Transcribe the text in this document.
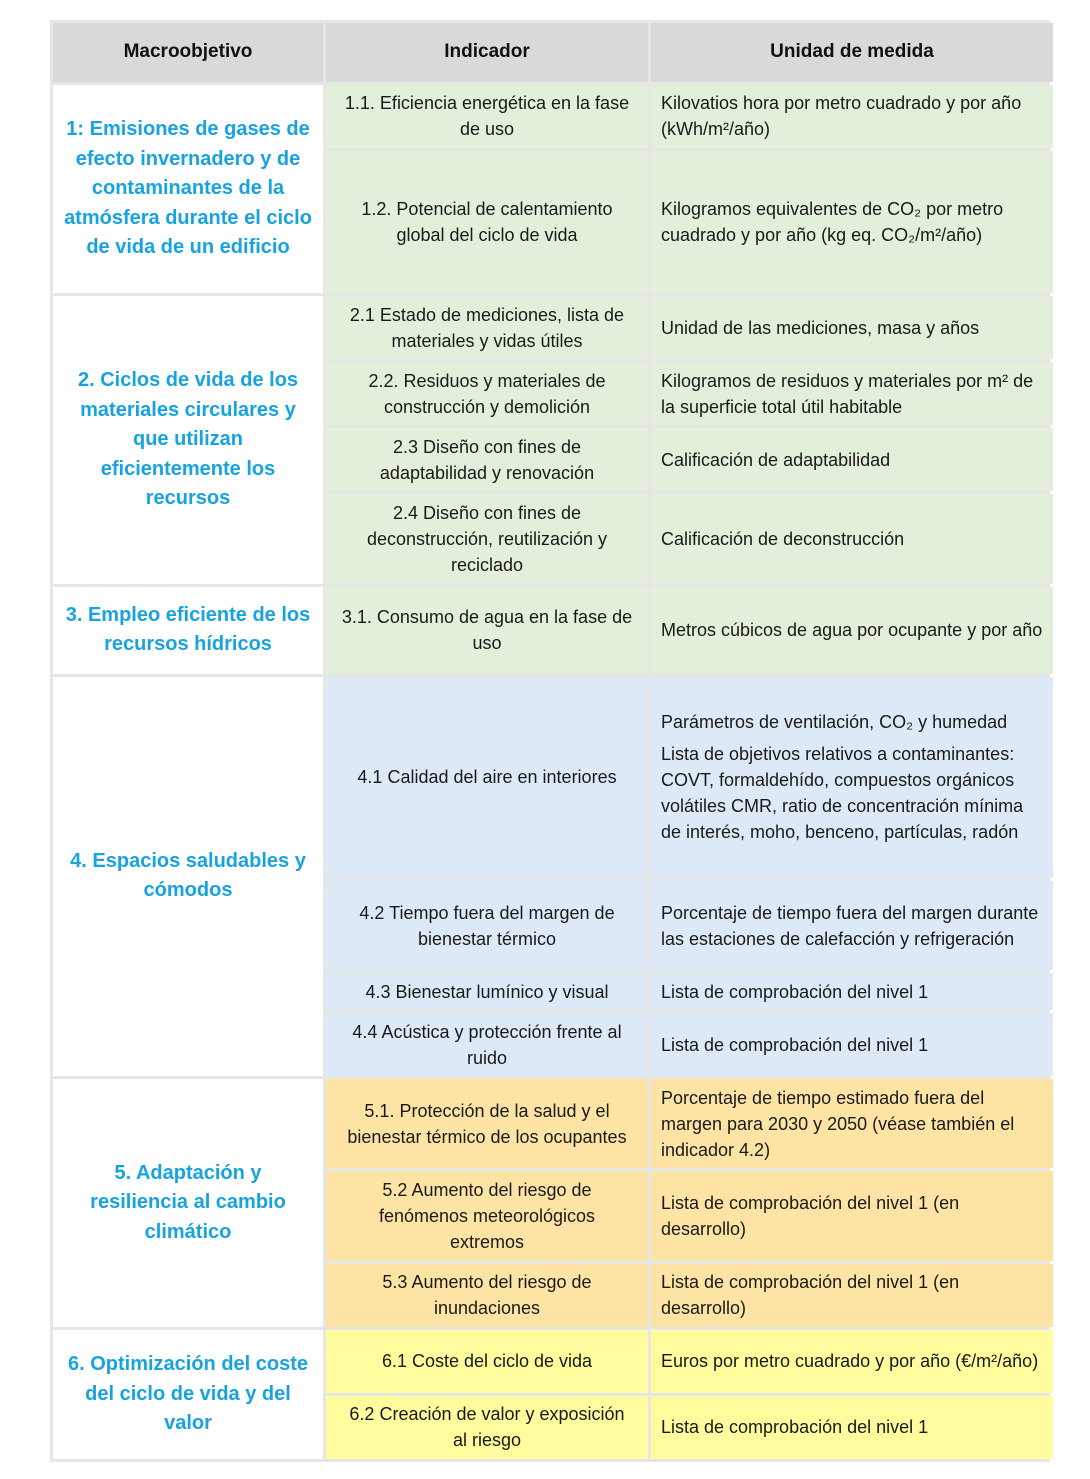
Macroobjetivo	Indicador	Unidad de medida
1: Emisiones de gases de efecto invernadero y de contaminantes de la atmósfera durante el ciclo de vida de un edificio	1.1. Eficiencia energética en la fase de uso	Kilovatios hora por metro cuadrado y por año (kWh/m²/año)
	1.2. Potencial de calentamiento global del ciclo de vida	Kilogramos equivalentes de CO₂ por metro cuadrado y por año (kg eq. CO₂/m²/año)
2. Ciclos de vida de los materiales circulares y que utilizan eficientemente los recursos	2.1 Estado de mediciones, lista de materiales y vidas útiles	Unidad de las mediciones, masa y años
	2.2. Residuos y materiales de construcción y demolición	Kilogramos de residuos y materiales por m² de la superficie total útil habitable
	2.3 Diseño con fines de adaptabilidad y renovación	Calificación de adaptabilidad
	2.4 Diseño con fines de deconstrucción, reutilización y reciclado	Calificación de deconstrucción
3. Empleo eficiente de los recursos hídricos	3.1. Consumo de agua en la fase de uso	Metros cúbicos de agua por ocupante y por año
4. Espacios saludables y cómodos	4.1 Calidad del aire en interiores	Parámetros de ventilación, CO₂ y humedad
Lista de objetivos relativos a contaminantes: COVT, formaldehído, compuestos orgánicos volátiles CMR, ratio de concentración mínima de interés, moho, benceno, partículas, radón

	4.2 Tiempo fuera del margen de bienestar térmico	Porcentaje de tiempo fuera del margen durante las estaciones de calefacción y refrigeración
	4.3 Bienestar lumínico y visual	Lista de comprobación del nivel 1
	4.4 Acústica y protección frente al ruido	Lista de comprobación del nivel 1
5. Adaptación y resiliencia al cambio climático	5.1. Protección de la salud y el bienestar térmico de los ocupantes	Porcentaje de tiempo estimado fuera del margen para 2030 y 2050 (véase también el indicador 4.2)
	5.2 Aumento del riesgo de fenómenos meteorológicos extremos	Lista de comprobación del nivel 1 (en desarrollo)
	5.3 Aumento del riesgo de inundaciones	Lista de comprobación del nivel 1 (en desarrollo)
6. Optimización del coste del ciclo de vida y del valor	6.1 Coste del ciclo de vida	Euros por metro cuadrado y por año (€/m²/año)
	6.2 Creación de valor y exposición al riesgo	Lista de comprobación del nivel 1
